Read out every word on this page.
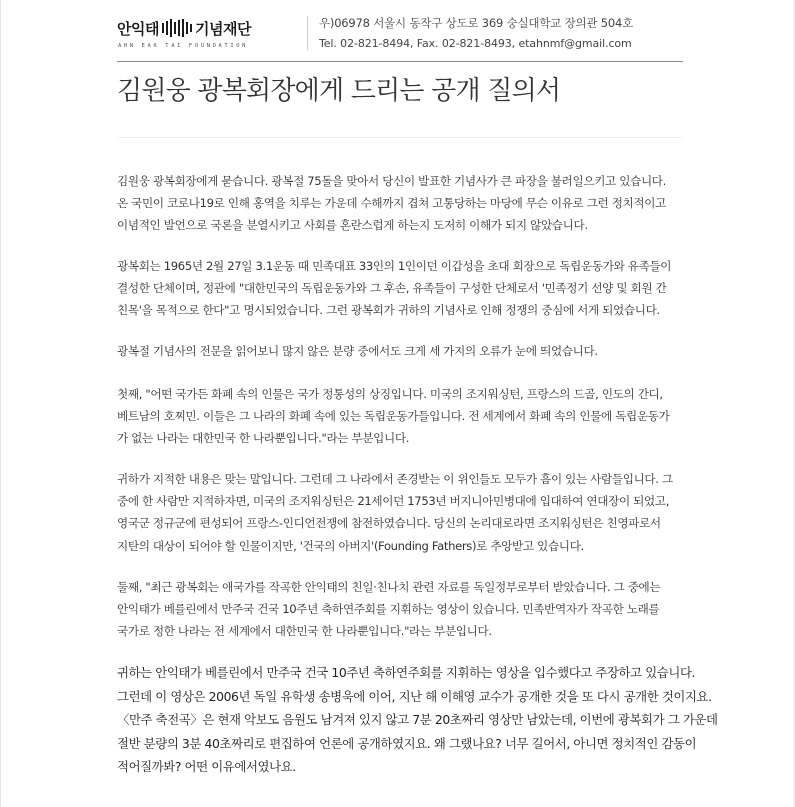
안익태 기념재단
AHN EAK TAI FOUNDATION
우)06978 서울시 동작구 상도로 369 숭실대학교 장의관 504호
Tel. 02-821-8494, Fax. 02-821-8493, etahnmf@gmail.com
김원웅 광복회장에게 드리는 공개 질의서

김원웅 광복회장에게 묻습니다. 광복절 75돌을 맞아서 당신이 발표한 기념사가 큰 파장을 불러일으키고 있습니다.
온 국민이 코로나19로 인해 홍역을 치루는 가운데 수해까지 겹쳐 고통당하는 마당에 무슨 이유로 그런 정치적이고
이념적인 발언으로 국론을 분열시키고 사회를 혼란스럽게 하는지 도저히 이해가 되지 않았습니다.

광복회는 1965년 2월 27일 3.1운동 때 민족대표 33인의 1인이던 이갑성을 초대 회장으로 독립운동가와 유족들이
결성한 단체이며, 정관에 "대한민국의 독립운동가와 그 후손, 유족들이 구성한 단체로서 '민족정기 선양 및 회원 간
친목'을 목적으로 한다"고 명시되었습니다. 그런 광복회가 귀하의 기념사로 인해 정쟁의 중심에 서게 되었습니다.

광복절 기념사의 전문을 읽어보니 많지 않은 분량 중에서도 크게 세 가지의 오류가 눈에 띄었습니다.

첫째, "어떤 국가든 화폐 속의 인물은 국가 정통성의 상징입니다. 미국의 조지워싱턴, 프랑스의 드골, 인도의 간디,
베트남의 호찌민. 이들은 그 나라의 화폐 속에 있는 독립운동가들입니다. 전 세계에서 화폐 속의 인물에 독립운동가
가 없는 나라는 대한민국 한 나라뿐입니다."라는 부분입니다.

귀하가 지적한 내용은 맞는 말입니다. 그런데 그 나라에서 존경받는 이 위인들도 모두가 흠이 있는 사람들입니다. 그
중에 한 사람만 지적하자면, 미국의 조지워싱턴은 21세이던 1753년 버지니아민병대에 입대하여 연대장이 되었고,
영국군 정규군에 편성되어 프랑스-인디언전쟁에 참전하였습니다. 당신의 논리대로라면 조지워싱턴은 친영파로서
지탄의 대상이 되어야 할 인물이지만, '건국의 아버지'(Founding Fathers)로 추앙받고 있습니다.

둘째, "최근 광복회는 애국가를 작곡한 안익태의 친일·친나치 관련 자료를 독일정부로부터 받았습니다. 그 중에는
안익태가 베를린에서 만주국 건국 10주년 축하연주회를 지휘하는 영상이 있습니다. 민족반역자가 작곡한 노래를
국가로 정한 나라는 전 세계에서 대한민국 한 나라뿐입니다."라는 부분입니다.

귀하는 안익태가 베를린에서 만주국 건국 10주년 축하연주회를 지휘하는 영상을 입수했다고 주장하고 있습니다.
그런데 이 영상은 2006년 독일 유학생 송병욱에 이어, 지난 해 이해영 교수가 공개한 것을 또 다시 공개한 것이지요.
〈만주 축전곡〉은 현재 악보도 음원도 남겨져 있지 않고 7분 20초짜리 영상만 남았는데, 이번에 광복회가 그 가운데
절반 분량의 3분 40초짜리로 편집하여 언론에 공개하였지요. 왜 그랬나요? 너무 길어서, 아니면 정치적인 감동이
적어질까봐? 어떤 이유에서였나요.
